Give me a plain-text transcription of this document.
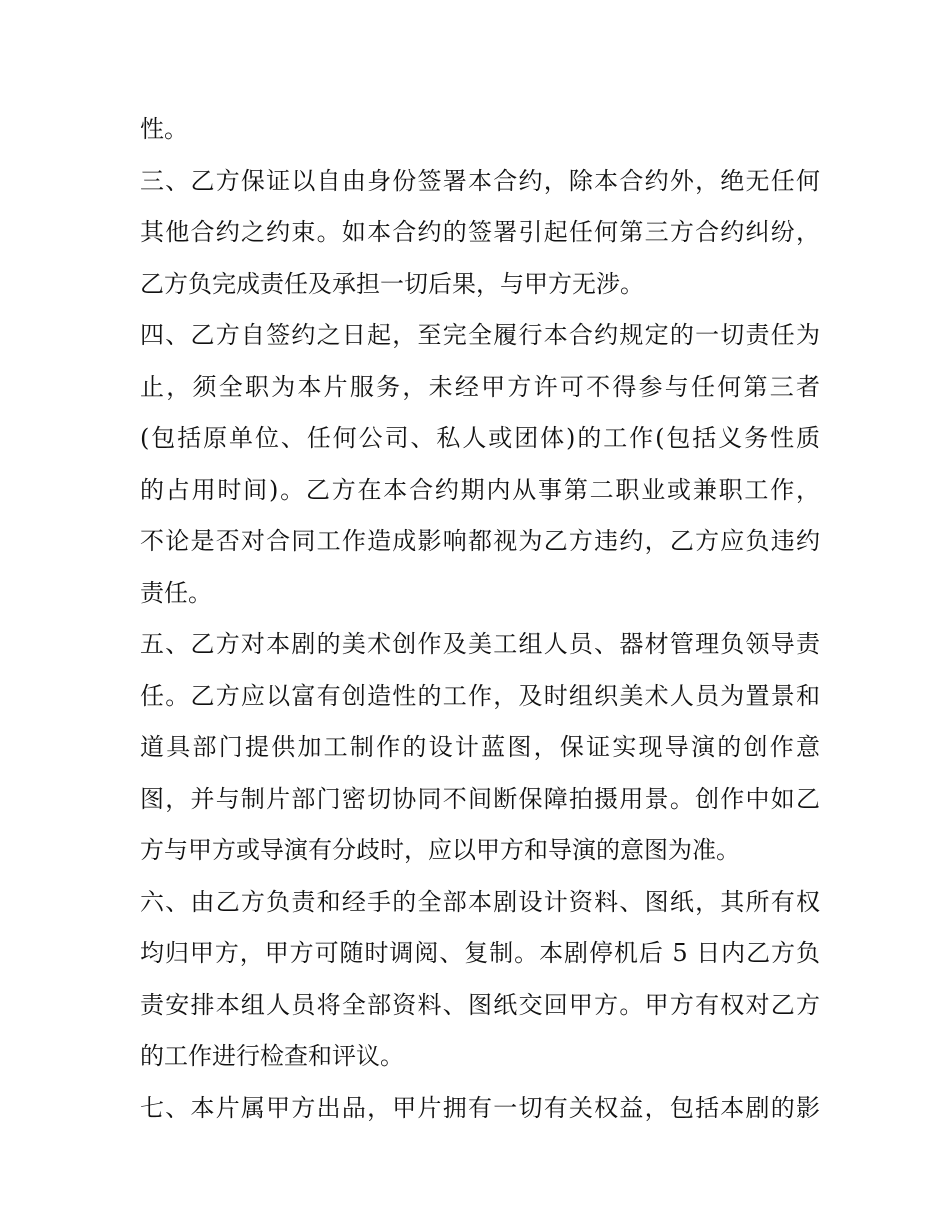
性。
三、乙方保证以自由身份签署本合约，除本合约外，绝无任何
其他合约之约束。如本合约的签署引起任何第三方合约纠纷，
乙方负完成责任及承担一切后果，与甲方无涉。
四、乙方自签约之日起，至完全履行本合约规定的一切责任为
止，须全职为本片服务，未经甲方许可不得参与任何第三者
(包括原单位、任何公司、私人或团体)的工作(包括义务性质
的占用时间)。乙方在本合约期内从事第二职业或兼职工作，
不论是否对合同工作造成影响都视为乙方违约，乙方应负违约
责任。
五、乙方对本剧的美术创作及美工组人员、器材管理负领导责
任。乙方应以富有创造性的工作，及时组织美术人员为置景和
道具部门提供加工制作的设计蓝图，保证实现导演的创作意
图，并与制片部门密切协同不间断保障拍摄用景。创作中如乙
方与甲方或导演有分歧时，应以甲方和导演的意图为准。
六、由乙方负责和经手的全部本剧设计资料、图纸，其所有权
均归甲方，甲方可随时调阅、复制。本剧停机后 5 日内乙方负
责安排本组人员将全部资料、图纸交回甲方。甲方有权对乙方
的工作进行检查和评议。
七、本片属甲方出品，甲片拥有一切有关权益，包括本剧的影
